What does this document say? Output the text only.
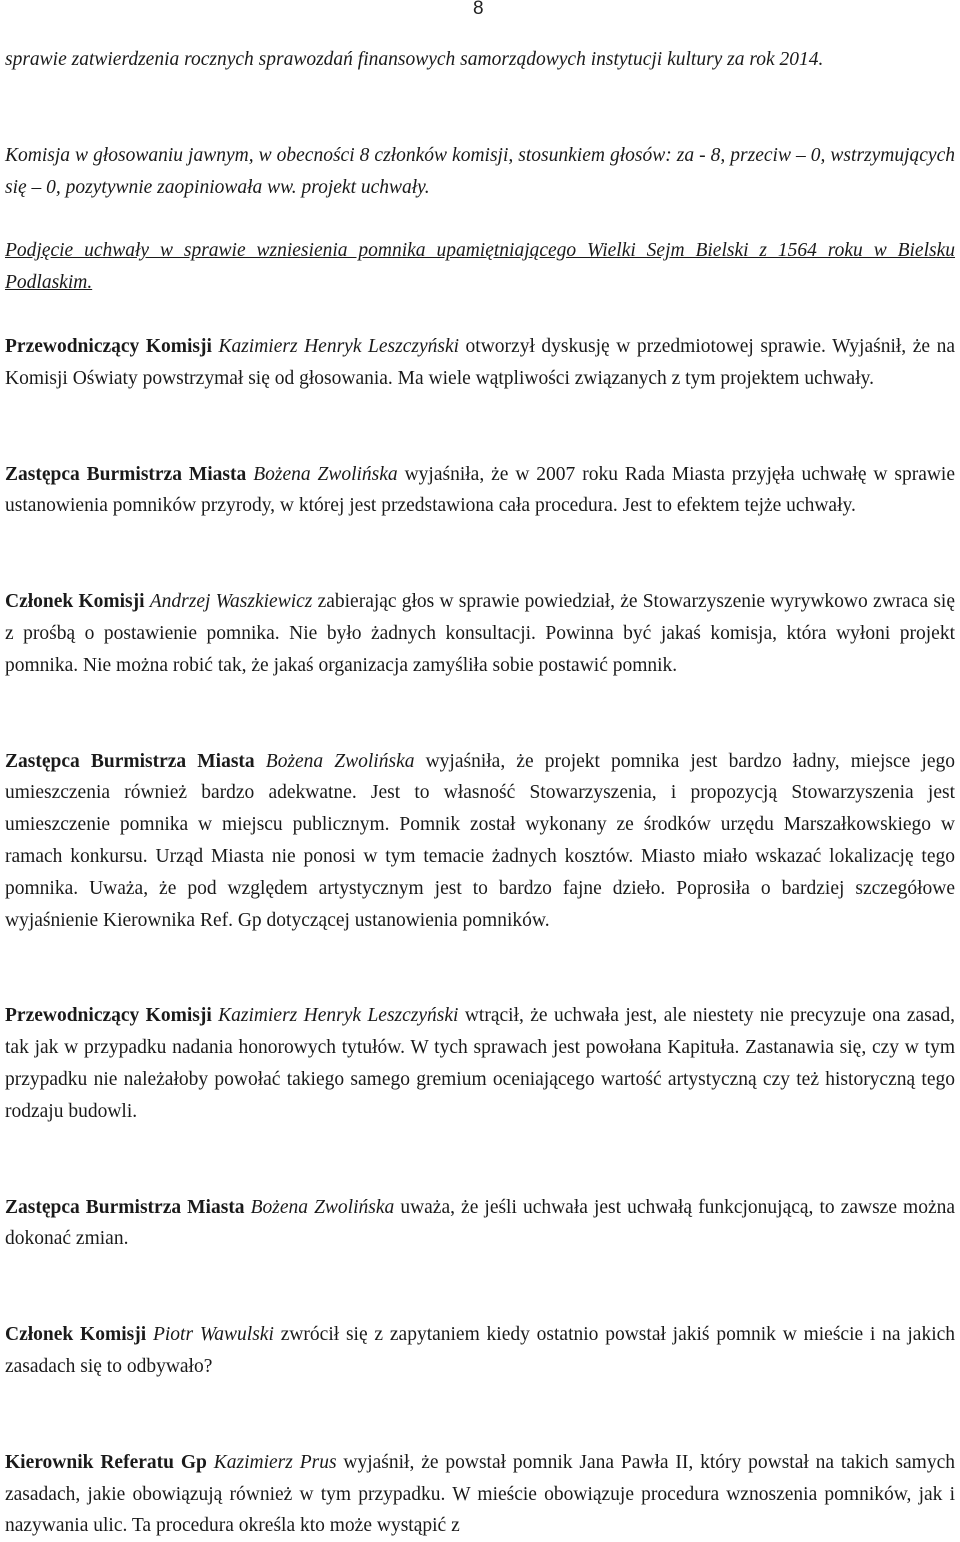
8

sprawie zatwierdzenia rocznych sprawozdań finansowych samorządowych instytucji kultury za rok 2014.

Komisja w głosowaniu jawnym, w obecności 8 członków komisji, stosunkiem głosów: za - 8, przeciw – 0, wstrzymujących się – 0, pozytywnie zaopiniowała ww. projekt uchwały.

Podjęcie uchwały w sprawie wzniesienia pomnika upamiętniającego Wielki Sejm Bielski z 1564 roku w Bielsku Podlaskim.

Przewodniczący Komisji Kazimierz Henryk Leszczyński otworzył dyskusję w przedmiotowej sprawie. Wyjaśnił, że na Komisji Oświaty powstrzymał się od głosowania. Ma wiele wątpliwości związanych z tym projektem uchwały.

Zastępca Burmistrza Miasta Bożena Zwolińska wyjaśniła, że w 2007 roku Rada Miasta przyjęła uchwałę w sprawie ustanowienia pomników przyrody, w której jest przedstawiona cała procedura. Jest to efektem tejże uchwały.

Członek Komisji Andrzej Waszkiewicz zabierając głos w sprawie powiedział, że Stowarzyszenie wyrywkowo zwraca się z prośbą o postawienie pomnika. Nie było żadnych konsultacji. Powinna być jakaś komisja, która wyłoni projekt pomnika. Nie można robić tak, że jakaś organizacja zamyśliła sobie postawić pomnik.

Zastępca Burmistrza Miasta Bożena Zwolińska wyjaśniła, że projekt pomnika jest bardzo ładny, miejsce jego umieszczenia również bardzo adekwatne. Jest to własność Stowarzyszenia, i propozycją Stowarzyszenia jest umieszczenie pomnika w miejscu publicznym. Pomnik został wykonany ze środków urzędu Marszałkowskiego w ramach konkursu. Urząd Miasta nie ponosi w tym temacie żadnych kosztów. Miasto miało wskazać lokalizację tego pomnika. Uważa, że pod względem artystycznym jest to bardzo fajne dzieło. Poprosiła o bardziej szczegółowe wyjaśnienie Kierownika Ref. Gp dotyczącej ustanowienia pomników.

Przewodniczący Komisji Kazimierz Henryk Leszczyński wtrącił, że uchwała jest, ale niestety nie precyzuje ona zasad, tak jak w przypadku nadania honorowych tytułów. W tych sprawach jest powołana Kapituła. Zastanawia się, czy w tym przypadku nie należałoby powołać takiego samego gremium oceniającego wartość artystyczną czy też historyczną tego rodzaju budowli.

Zastępca Burmistrza Miasta Bożena Zwolińska uważa, że jeśli uchwała jest uchwałą funkcjonującą, to zawsze można dokonać zmian.

Członek Komisji Piotr Wawulski zwrócił się z zapytaniem kiedy ostatnio powstał jakiś pomnik w mieście i na jakich zasadach się to odbywało?

Kierownik Referatu Gp Kazimierz Prus wyjaśnił, że powstał pomnik Jana Pawła II, który powstał na takich samych zasadach, jakie obowiązują również w tym przypadku. W mieście obowiązuje procedura wznoszenia pomników, jak i nazywania ulic. Ta procedura określa kto może wystąpić z
